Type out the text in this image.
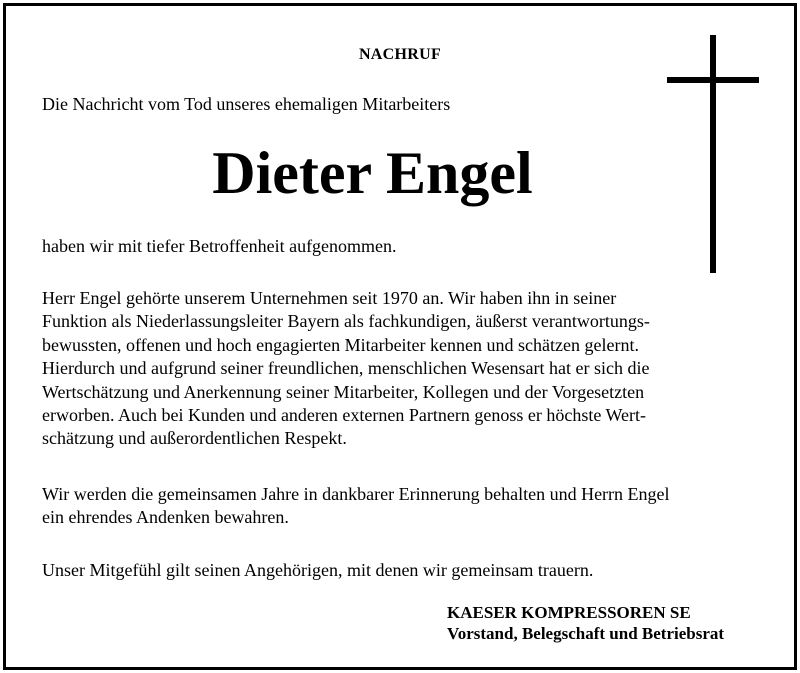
NACHRUF
Die Nachricht vom Tod unseres ehemaligen Mitarbeiters
Dieter Engel
haben wir mit tiefer Betroffenheit aufgenommen.
Herr Engel gehörte unserem Unternehmen seit 1970 an. Wir haben ihn in seiner
Funktion als Niederlassungsleiter Bayern als fachkundigen, äußerst verantwortungs-
bewussten, offenen und hoch engagierten Mitarbeiter kennen und schätzen gelernt.
Hierdurch und aufgrund seiner freundlichen, menschlichen Wesensart hat er sich die
Wertschätzung und Anerkennung seiner Mitarbeiter, Kollegen und der Vorgesetzten
erworben. Auch bei Kunden und anderen externen Partnern genoss er höchste Wert-
schätzung und außerordentlichen Respekt.
Wir werden die gemeinsamen Jahre in dankbarer Erinnerung behalten und Herrn Engel
ein ehrendes Andenken bewahren.
Unser Mitgefühl gilt seinen Angehörigen, mit denen wir gemeinsam trauern.
KAESER KOMPRESSOREN SE
Vorstand, Belegschaft und Betriebsrat
